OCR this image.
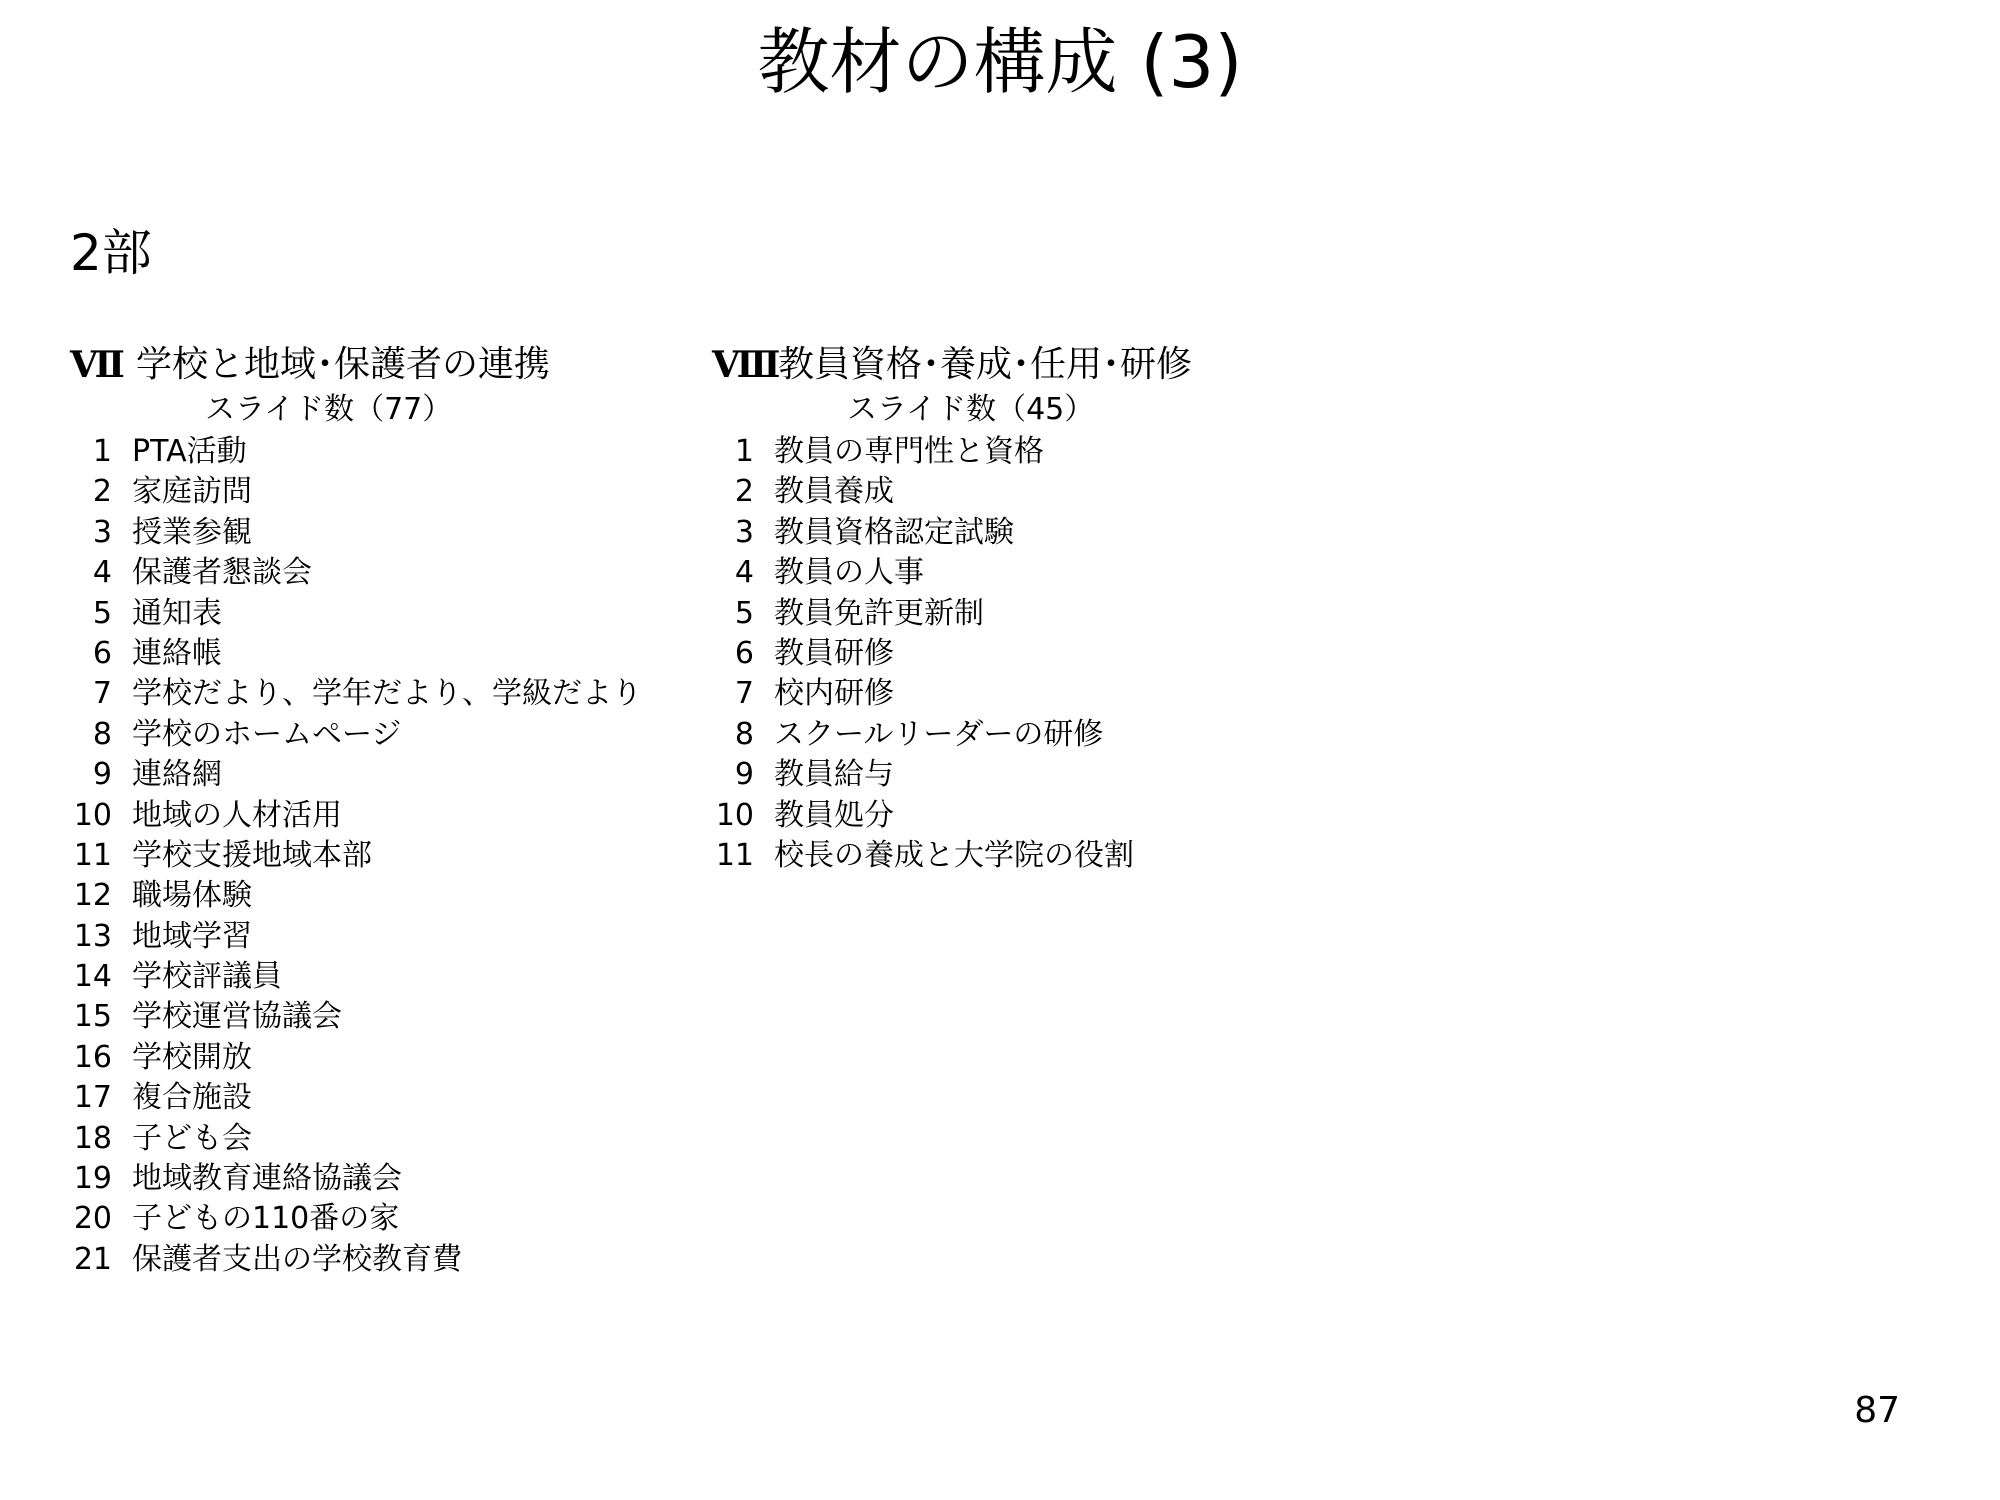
教材の構成 (3)
2部
Ⅶ 学校と地域･保護者の連携
スライド数（77）
1 PTA活動
2 家庭訪問
3 授業参観
4 保護者懇談会
5 通知表
6 連絡帳
7 学校だより、学年だより、学級だより
8 学校のホームページ
9 連絡網
10 地域の人材活用
11 学校支援地域本部
12 職場体験
13 地域学習
14 学校評議員
15 学校運営協議会
16 学校開放
17 複合施設
18 子ども会
19 地域教育連絡協議会
20 子どもの110番の家
21 保護者支出の学校教育費
Ⅷ
教員資格･養成･任用･研修
スライド数（45）
1 教員の専門性と資格
2 教員養成
3 教員資格認定試験
4 教員の人事
5 教員免許更新制
6 教員研修
7 校内研修
8 スクールリーダーの研修
9 教員給与
10 教員処分
11 校長の養成と大学院の役割
87
